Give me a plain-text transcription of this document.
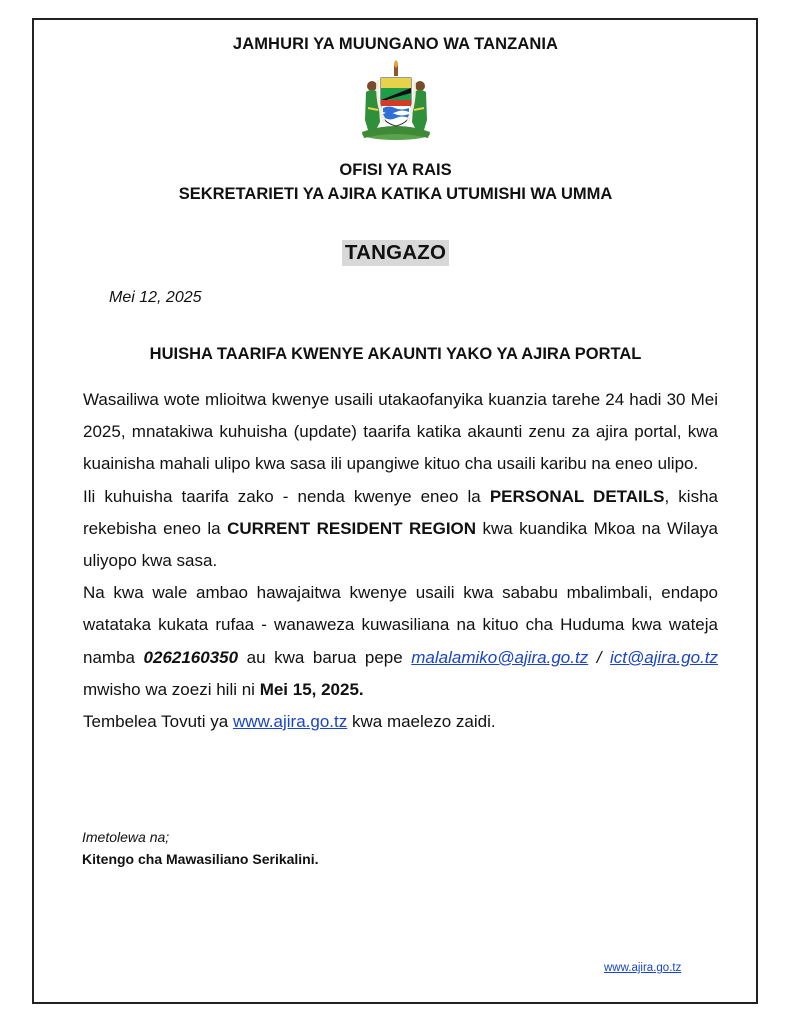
JAMHURI YA MUUNGANO WA TANZANIA
OFISI YA RAIS
SEKRETARIETI YA AJIRA KATIKA UTUMISHI WA UMMA
TANGAZO
Mei 12, 2025
HUISHA TAARIFA KWENYE AKAUNTI YAKO YA AJIRA PORTAL

Wasailiwa wote mlioitwa kwenye usaili utakaofanyika kuanzia tarehe 24 hadi 30 Mei 2025, mnatakiwa kuhuisha (update) taarifa katika akaunti zenu za ajira portal, kwa kuainisha mahali ulipo kwa sasa ili upangiwe kituo cha usaili karibu na eneo ulipo.

Ili kuhuisha taarifa zako - nenda kwenye eneo la PERSONAL DETAILS, kisha rekebisha eneo la CURRENT RESIDENT REGION kwa kuandika Mkoa na Wilaya uliyopo kwa sasa.

Na kwa wale ambao hawajaitwa kwenye usaili kwa sababu mbalimbali, endapo watataka kukata rufaa - wanaweza kuwasiliana na kituo cha Huduma kwa wateja namba 0262160350 au kwa barua pepe malalamiko@ajira.go.tz / ict@ajira.go.tz mwisho wa zoezi hili ni Mei 15, 2025.

Tembelea Tovuti ya www.ajira.go.tz kwa maelezo zaidi.

Imetolewa na;
Kitengo cha Mawasiliano Serikalini.
www.ajira.go.tz
